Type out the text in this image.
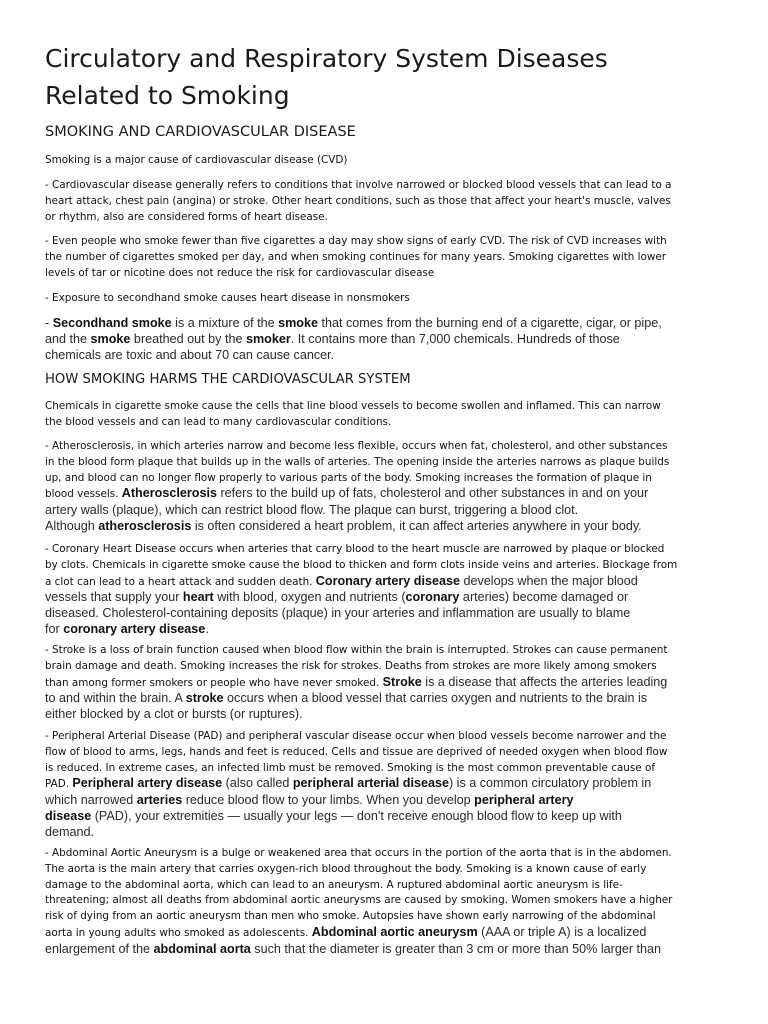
Circulatory and Respiratory System Diseases
Related to Smoking
SMOKING AND CARDIOVASCULAR DISEASE

Smoking is a major cause of cardiovascular disease (CVD)

- Cardiovascular disease generally refers to conditions that involve narrowed or blocked blood vessels that can lead to a
heart attack, chest pain (angina) or stroke. Other heart conditions, such as those that affect your heart's muscle, valves
or rhythm, also are considered forms of heart disease.

- Even people who smoke fewer than five cigarettes a day may show signs of early CVD. The risk of CVD increases with
the number of cigarettes smoked per day, and when smoking continues for many years. Smoking cigarettes with lower
levels of tar or nicotine does not reduce the risk for cardiovascular disease

- Exposure to secondhand smoke causes heart disease in nonsmokers

- Secondhand smoke is a mixture of the smoke that comes from the burning end of a cigarette, cigar, or pipe,
and the smoke breathed out by the smoker. It contains more than 7,000 chemicals. Hundreds of those
chemicals are toxic and about 70 can cause cancer.

HOW SMOKING HARMS THE CARDIOVASCULAR SYSTEM

Chemicals in cigarette smoke cause the cells that line blood vessels to become swollen and inflamed. This can narrow
the blood vessels and can lead to many cardiovascular conditions.

- Atherosclerosis, in which arteries narrow and become less flexible, occurs when fat, cholesterol, and other substances
in the blood form plaque that builds up in the walls of arteries. The opening inside the arteries narrows as plaque builds
up, and blood can no longer flow properly to various parts of the body. Smoking increases the formation of plaque in
blood vessels. Atherosclerosis refers to the build up of fats, cholesterol and other substances in and on your
artery walls (plaque), which can restrict blood flow. The plaque can burst, triggering a blood clot.
Although atherosclerosis is often considered a heart problem, it can affect arteries anywhere in your body.

- Coronary Heart Disease occurs when arteries that carry blood to the heart muscle are narrowed by plaque or blocked
by clots. Chemicals in cigarette smoke cause the blood to thicken and form clots inside veins and arteries. Blockage from
a clot can lead to a heart attack and sudden death. Coronary artery disease develops when the major blood
vessels that supply your heart with blood, oxygen and nutrients (coronary arteries) become damaged or
diseased. Cholesterol-containing deposits (plaque) in your arteries and inflammation are usually to blame
for coronary artery disease.

- Stroke is a loss of brain function caused when blood flow within the brain is interrupted. Strokes can cause permanent
brain damage and death. Smoking increases the risk for strokes. Deaths from strokes are more likely among smokers
than among former smokers or people who have never smoked. Stroke is a disease that affects the arteries leading
to and within the brain. A stroke occurs when a blood vessel that carries oxygen and nutrients to the brain is
either blocked by a clot or bursts (or ruptures).

- Peripheral Arterial Disease (PAD) and peripheral vascular disease occur when blood vessels become narrower and the
flow of blood to arms, legs, hands and feet is reduced. Cells and tissue are deprived of needed oxygen when blood flow
is reduced. In extreme cases, an infected limb must be removed. Smoking is the most common preventable cause of
PAD. Peripheral artery disease (also called peripheral arterial disease) is a common circulatory problem in
which narrowed arteries reduce blood flow to your limbs. When you develop peripheral artery
disease (PAD), your extremities — usually your legs — don't receive enough blood flow to keep up with
demand.

- Abdominal Aortic Aneurysm is a bulge or weakened area that occurs in the portion of the aorta that is in the abdomen.
The aorta is the main artery that carries oxygen-rich blood throughout the body. Smoking is a known cause of early
damage to the abdominal aorta, which can lead to an aneurysm. A ruptured abdominal aortic aneurysm is life-
threatening; almost all deaths from abdominal aortic aneurysms are caused by smoking. Women smokers have a higher
risk of dying from an aortic aneurysm than men who smoke. Autopsies have shown early narrowing of the abdominal
aorta in young adults who smoked as adolescents. Abdominal aortic aneurysm (AAA or triple A) is a localized
enlargement of the abdominal aorta such that the diameter is greater than 3 cm or more than 50% larger than
